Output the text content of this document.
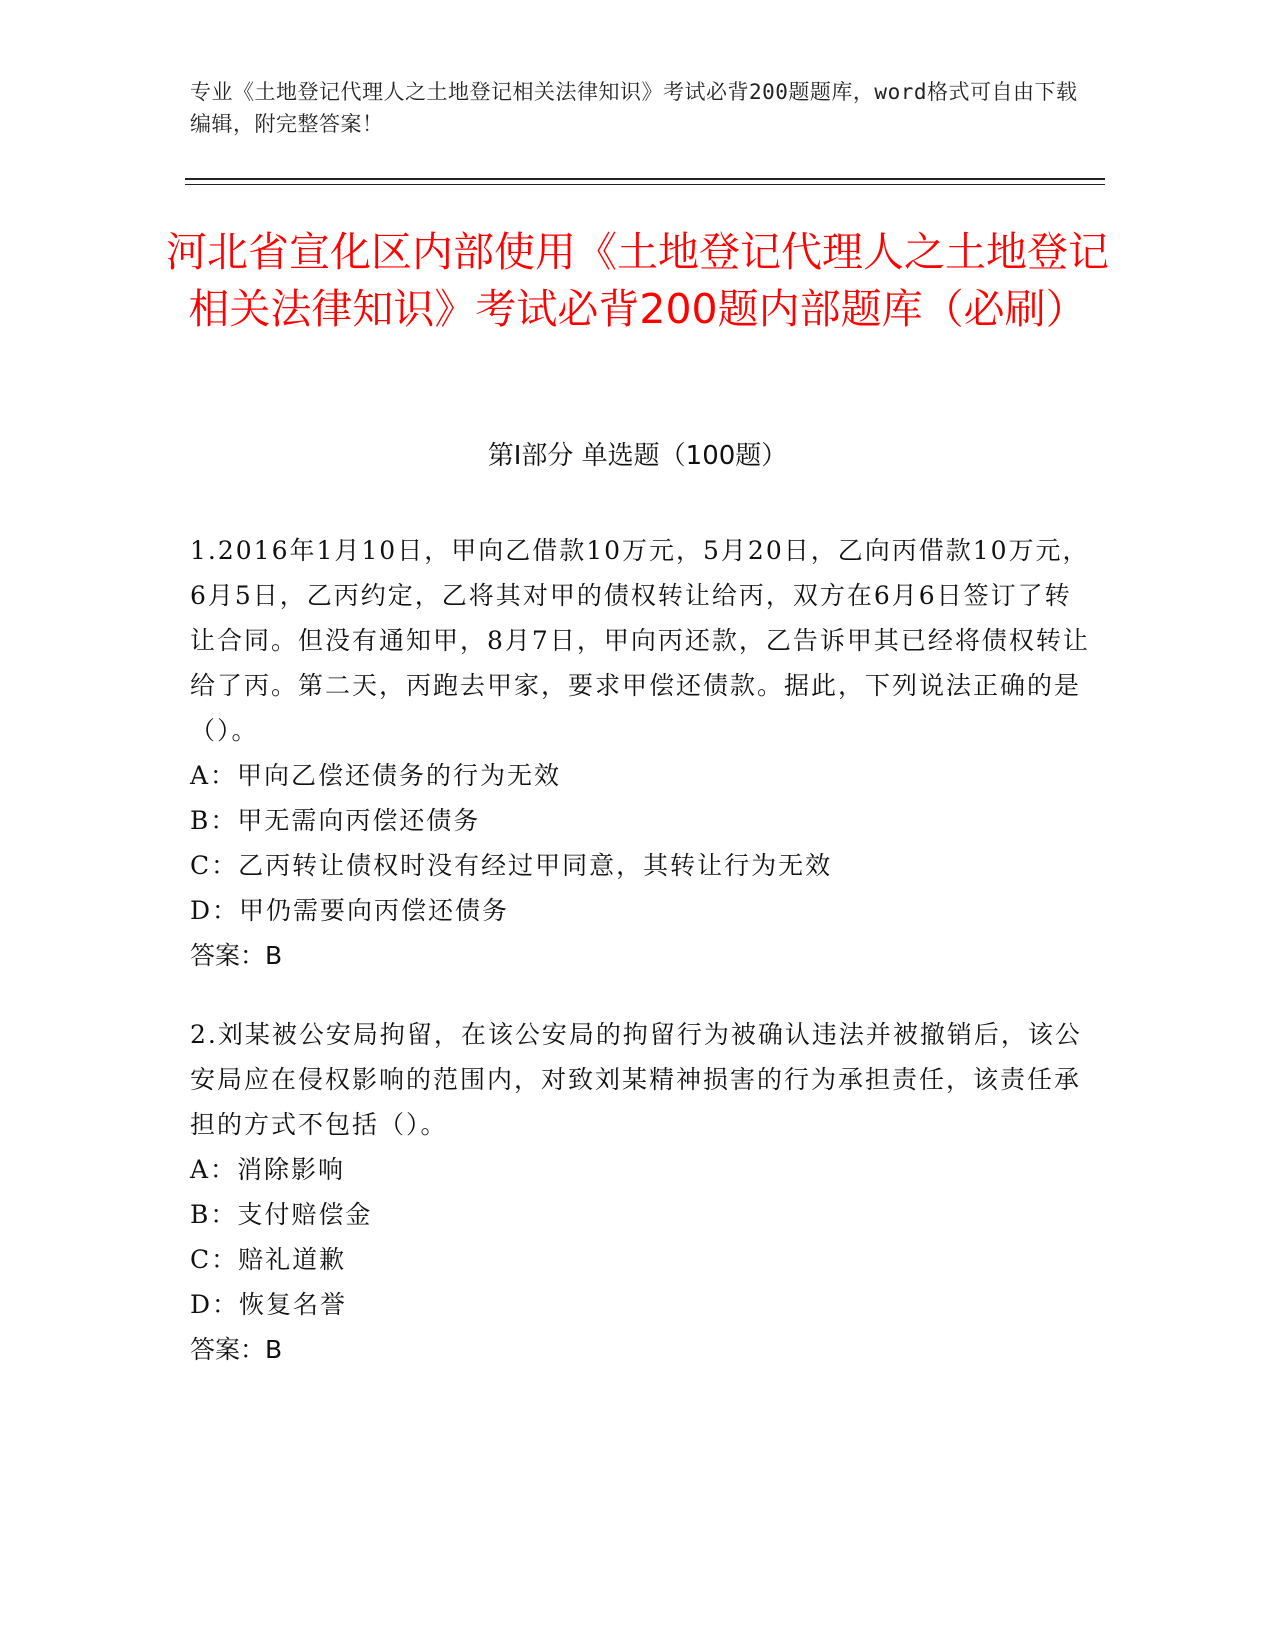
专业《土地登记代理人之土地登记相关法律知识》考试必背200题题库，word格式可自由下载编辑，附完整答案！
河北省宣化区内部使用《土地登记代理人之土地登记相关法律知识》考试必背200题内部题库（必刷）
第Ⅰ部分 单选题（100题）

1.2016年1月10日，甲向乙借款10万元，5月20日，乙向丙借款10万元，6月5日，乙丙约定，乙将其对甲的债权转让给丙，双方在6月6日签订了转让合同。但没有通知甲，8月7日，甲向丙还款，乙告诉甲其已经将债权转让给了丙。第二天，丙跑去甲家，要求甲偿还债款。据此，下列说法正确的是（）。

A：甲向乙偿还债务的行为无效
B：甲无需向丙偿还债务
C：乙丙转让债权时没有经过甲同意，其转让行为无效
D：甲仍需要向丙偿还债务

答案：B

2.刘某被公安局拘留，在该公安局的拘留行为被确认违法并被撤销后，该公安局应在侵权影响的范围内，对致刘某精神损害的行为承担责任，该责任承担的方式不包括（）。

A：消除影响
B：支付赔偿金
C：赔礼道歉
D：恢复名誉

答案：B
